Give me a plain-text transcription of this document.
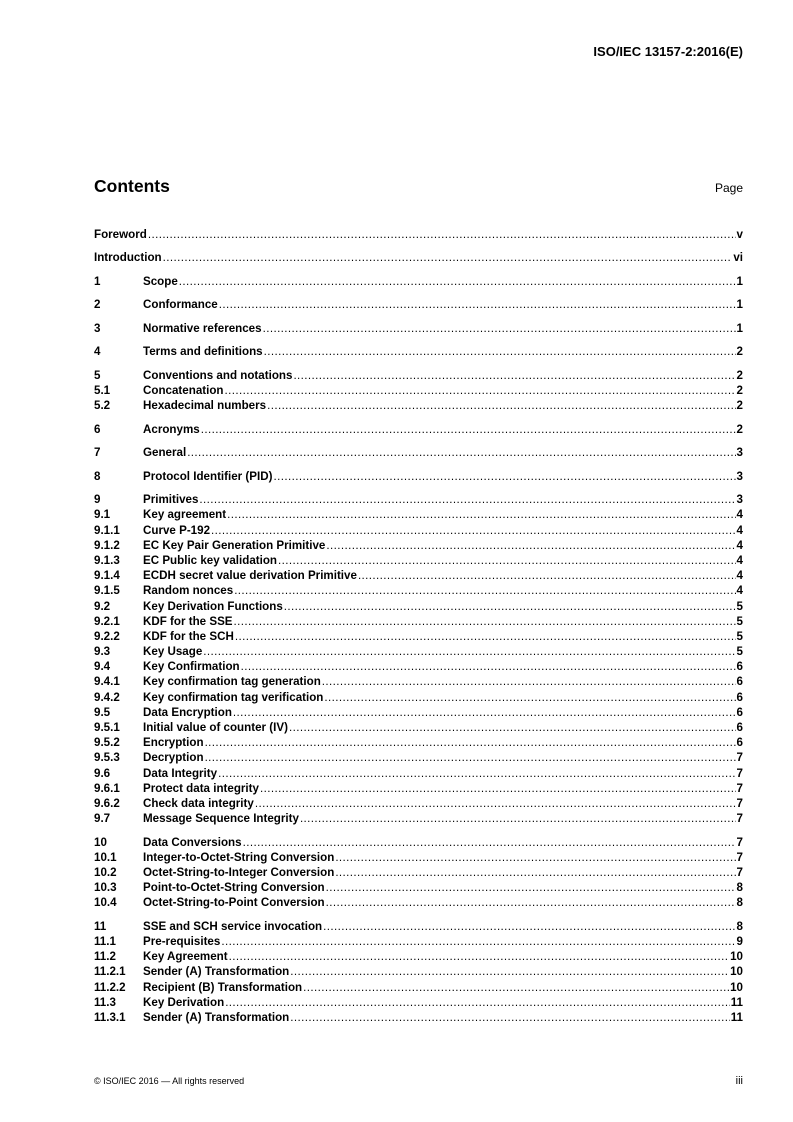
ISO/IEC 13157-2:2016(E)
Contents	Page
Foreword .....	v
Introduction .....	vi
1	Scope .....	1
2	Conformance .....	1
3	Normative references .....	1
4	Terms and definitions .....	2
5	Conventions and notations .....	2
5.1	Concatenation .....	2
5.2	Hexadecimal numbers .....	2
6	Acronyms .....	2
7	General .....	3
8	Protocol Identifier (PID) .....	3
9	Primitives .....	3
9.1	Key agreement .....	4
9.1.1	Curve P-192 .....	4
9.1.2	EC Key Pair Generation Primitive .....	4
9.1.3	EC Public key validation .....	4
9.1.4	ECDH secret value derivation Primitive .....	4
9.1.5	Random nonces .....	4
9.2	Key Derivation Functions .....	5
9.2.1	KDF for the SSE .....	5
9.2.2	KDF for the SCH .....	5
9.3	Key Usage .....	5
9.4	Key Confirmation .....	6
9.4.1	Key confirmation tag generation .....	6
9.4.2	Key confirmation tag verification .....	6
9.5	Data Encryption .....	6
9.5.1	Initial value of counter (IV) .....	6
9.5.2	Encryption .....	6
9.5.3	Decryption .....	7
9.6	Data Integrity .....	7
9.6.1	Protect data integrity .....	7
9.6.2	Check data integrity .....	7
9.7	Message Sequence Integrity .....	7
10	Data Conversions .....	7
10.1	Integer-to-Octet-String Conversion .....	7
10.2	Octet-String-to-Integer Conversion .....	7
10.3	Point-to-Octet-String Conversion .....	8
10.4	Octet-String-to-Point Conversion .....	8
11	SSE and SCH service invocation .....	8
11.1	Pre-requisites .....	9
11.2	Key Agreement .....	10
11.2.1	Sender (A) Transformation .....	10
11.2.2	Recipient (B) Transformation .....	10
11.3	Key Derivation .....	11
11.3.1	Sender (A) Transformation .....	11
© ISO/IEC 2016 — All rights reserved	iii
